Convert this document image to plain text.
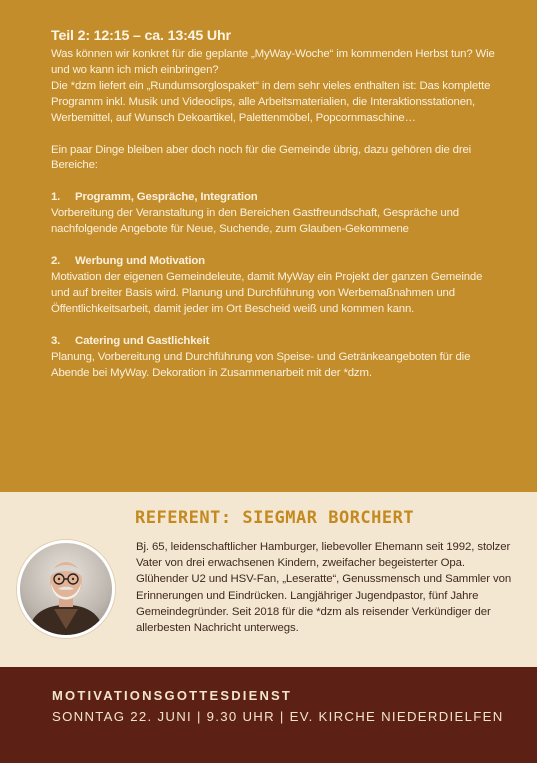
Teil 2: 12:15 – ca. 13:45 Uhr

Was können wir konkret für die geplante „MyWay-Woche“ im kommenden Herbst tun? Wie und wo kann ich mich einbringen?

Die *dzm liefert ein „Rundumsorglospaket“ in dem sehr vieles enthalten ist: Das komplette Programm inkl. Musik und Videoclips, alle Arbeitsmaterialien, die Interaktionsstationen, Werbemittel, auf Wunsch Dekoartikel, Palettenmöbel, Popcornmaschine…

Ein paar Dinge bleiben aber doch noch für die Gemeinde übrig, dazu gehören die drei Bereiche:

1. Programm, Gespräche, Integration

Vorbereitung der Veranstaltung in den Bereichen Gastfreundschaft, Gespräche und nachfolgende Angebote für Neue, Suchende, zum Glauben-Gekommene

2. Werbung und Motivation

Motivation der eigenen Gemeindeleute, damit MyWay ein Projekt der ganzen Gemeinde und auf breiter Basis wird. Planung und Durchführung von Werbemaßnahmen und Öffentlichkeitsarbeit, damit jeder im Ort Bescheid weiß und kommen kann.

3. Catering und Gastlichkeit

Planung, Vorbereitung und Durchführung von Speise- und Getränkeangeboten für die Abende bei MyWay. Dekoration in Zusammenarbeit mit der *dzm.

REFERENT: SIEGMAR BORCHERT

Bj. 65, leidenschaftlicher Hamburger, liebevoller Ehemann seit 1992, stolzer Vater von drei erwachsenen Kindern, zweifacher begeisterter Opa. Glühender U2 und HSV-Fan, „Leseratte“, Genussmensch und Sammler von Erinnerungen und Eindrücken. Langjähriger Jugendpastor, fünf Jahre Gemeindegründer. Seit 2018 für die *dzm als reisender Verkündiger der allerbesten Nachricht unterwegs.

MOTIVATIONSGOTTESDIENST
SONNTAG 22. JUNI | 9.30 UHR | EV. KIRCHE NIEDERDIELFEN
